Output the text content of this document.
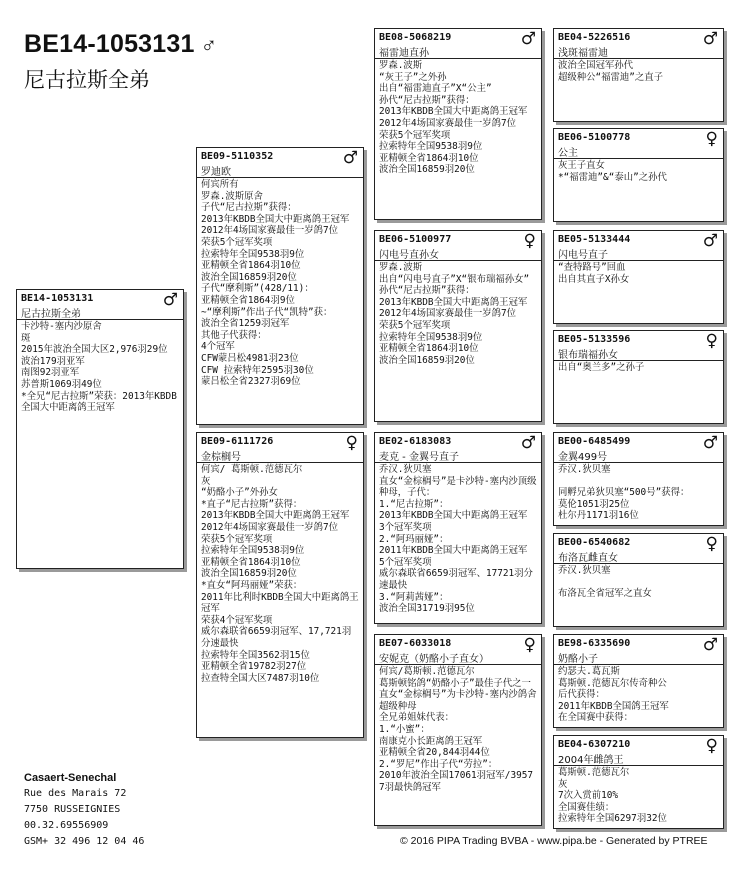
BE14-1053131 ♂
尼古拉斯全弟
BE14-1053131	♂
尼古拉斯全弟
卡沙特-塞内沙原舍
斑
2015年波治全国大区2,976羽29位
波治179羽亚军
南图92羽亚军
苏普斯1069羽49位
*全兄“尼古拉斯”荣获：2013年KBDB全国大中距离鸽王冠军
BE09-5110352	♂
罗迪欧
何宾所有
罗森.波斯原舍
子代“尼古拉斯”获得：
2013年KBDB全国大中距离鸽王冠军
2012年4场国家赛最佳一岁鸽7位
荣获5个冠军奖项
拉索特年全国9538羽9位
亚精顿全省1864羽10位
波治全国16859羽20位
子代“摩利斯”(428/11)：
亚精顿全省1864羽9位
~“摩利斯”作出子代“凯特”获：
波治全省1259羽冠军
其他子代获得：
4个冠军
CFW蒙吕松4981羽23位
CFW 拉索特年2595羽30位
蒙吕松全省2327羽69位
BE09-6111726	♀
金棕榈号
何宾/ 葛斯顿.范德瓦尔
灰
“奶酪小子”外孙女
*直子“尼古拉斯”获得：
2013年KBDB全国大中距离鸽王冠军
2012年4场国家赛最佳一岁鸽7位
荣获5个冠军奖项
拉索特年全国9538羽9位
亚精顿全省1864羽10位
波治全国16859羽20位
*直女“阿玛丽娅”荣获：
2011年比利时KBDB全国大中距离鸽王冠军
荣获4个冠军奖项
威尔森联省6659羽冠军、17,721羽分速最快
拉索特年全国3562羽15位
亚精顿全省19782羽27位
拉查特全国大区7487羽10位
BE08-5068219	♂
福雷迪直孙
罗森.波斯
“灰王子”之外孙
出自“福雷迪直子”X“公主”
孙代“尼古拉斯”获得：
2013年KBDB全国大中距离鸽王冠军
2012年4场国家赛最佳一岁鸽7位
荣获5个冠军奖项
拉索特年全国9538羽9位
亚精顿全省1864羽10位
波治全国16859羽20位
BE06-5100977	♀
闪电号直孙女
罗森.波斯
出自“闪电号直子”X“银布瑞福孙女”
孙代“尼古拉斯”获得：
2013年KBDB全国大中距离鸽王冠军
2012年4场国家赛最佳一岁鸽7位
荣获5个冠军奖项
拉索特年全国9538羽9位
亚精顿全省1864羽10位
波治全国16859羽20位
BE02-6183083	♂
麦克 - 金翼号直子
乔汉.狄贝塞
直女“金棕榈号”是卡沙特-塞内沙顶级种母，子代：
1.“尼古拉斯”：
2013年KBDB全国大中距离鸽王冠军
3个冠军奖项
2.“阿玛丽娅”：
2011年KBDB全国大中距离鸽王冠军
5个冠军奖项
威尔森联省6659羽冠军、17721羽分速最快
3.“阿莉茜娅”：
波治全国31719羽95位
BE07-6033018	♀
安妮克（奶酪小子直女）
何宾/葛斯顿.范德瓦尔
葛斯顿铭鸽“奶酪小子”最佳子代之一
直女“金棕榈号”为卡沙特-塞内沙鸽舍超级种母
全兄弟姐妹代表：
1.“小蜜”：
南康克小长距离鸽王冠军
亚精顿全省20,844羽44位
2.“罗尼”作出子代“劳拉”：
2010年波治全国17061羽冠军/39577羽最快鸽冠军
BE04-5226516	♂
浅斑福雷迪
波治全国冠军孙代
超级种公“福雷迪”之直子
BE06-5100778	♀
公主
灰王子直女
*“福雷迪”&“泰山”之孙代
BE05-5133444	♂
闪电号直子
“查特路号”回血
出自其直子X孙女
BE05-5133596	♀
银布瑞福孙女
出自“奥兰多”之孙子
BE00-6485499	♂
金翼499号
乔汉.狄贝塞

同孵兄弟狄贝塞“500号”获得：
莫伦1051羽25位
杜尔丹1171羽16位
BE00-6540682	♀
布洛瓦雌直女
乔汉.狄贝塞

布洛瓦全省冠军之直女
BE98-6335690	♂
奶酪小子
约瑟夫.葛瓦斯
葛斯顿.范德瓦尔传奇种公
后代获得：
2011年KBDB全国鸽王冠军
在全国赛中获得：
BE04-6307210	♀
2004年雌鸽王
葛斯顿.范德瓦尔
灰
7次入赏前10%
全国赛佳绩：
拉索特年全国6297羽32位
Casaert-Senechal
Rue des Marais 72
7750 RUSSEIGNIES
00.32.69556909
GSM+ 32 496 12 04 46	© 2016 PIPA Trading BVBA - www.pipa.be - Generated by PTREE
